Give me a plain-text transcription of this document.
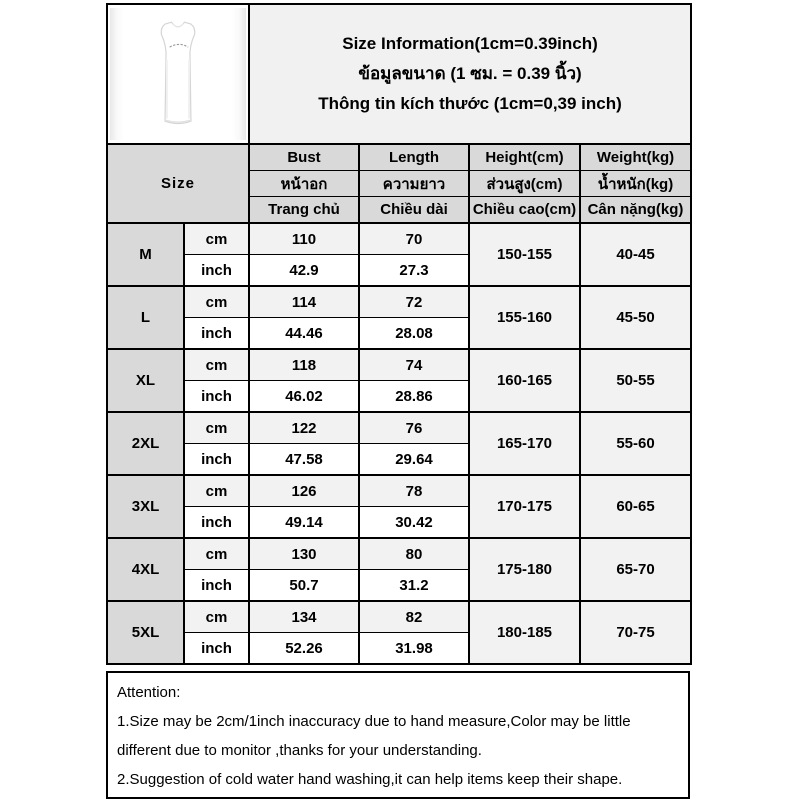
Size Information(1cm=0.39inch)
ข้อมูลขนาด (1 ซม. = 0.39 นิ้ว)
Thông tin kích thước (1cm=0,39 inch)			

Size		Bust	Length	Height(cm)	Weight(kg)
		หน้าอก	ความยาว	ส่วนสูง(cm)	น้ำหนัก(kg)
		Trang chủ	Chiều dài	Chiều cao(cm)	Cân nặng(kg)
M	cm	110	70	150-155	40-45
	inch	42.9	27.3		
L	cm	114	72	155-160	45-50
	inch	44.46	28.08		
XL	cm	118	74	160-165	50-55
	inch	46.02	28.86		
2XL	cm	122	76	165-170	55-60
	inch	47.58	29.64		
3XL	cm	126	78	170-175	60-65
	inch	49.14	30.42		
4XL	cm	130	80	175-180	65-70
	inch	50.7	31.2		
5XL	cm	134	82	180-185	70-75
	inch	52.26	31.98		
Attention:
1.Size may be 2cm/1inch inaccuracy due to hand measure,Color may be little different due to monitor ,thanks for your understanding.
2.Suggestion of cold water hand washing,it can help items keep their shape.
